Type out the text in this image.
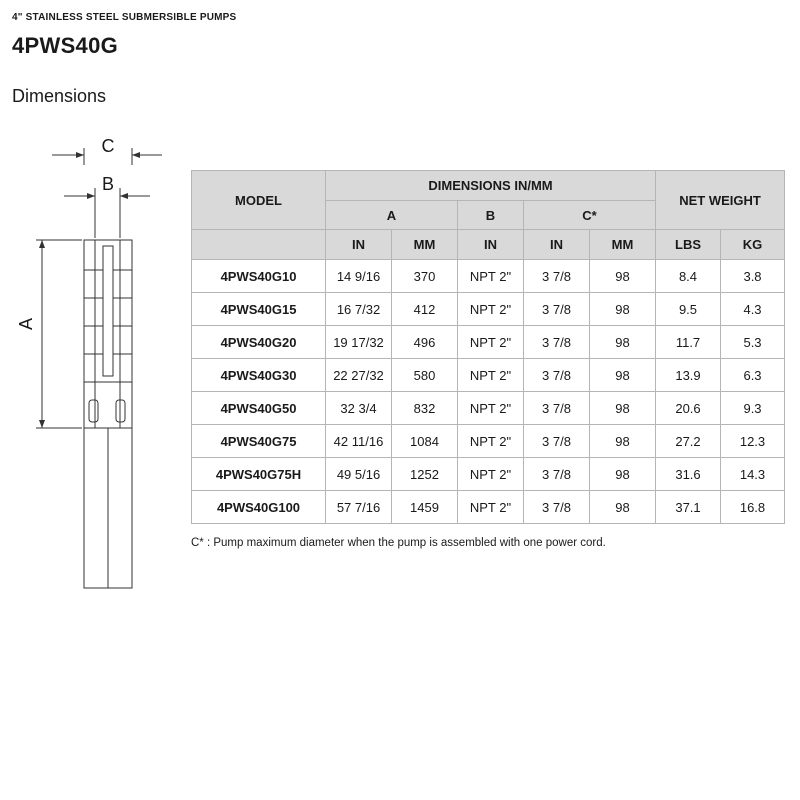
4" STAINLESS STEEL SUBMERSIBLE PUMPS
4PWS40G
Dimensions
C
B
A
MODEL	DIMENSIONS IN/MM					NET WEIGHT	
	A		B	C*			
	IN	MM	IN	IN	MM	LBS	KG
4PWS40G10	14 9/16	370	NPT 2"	3 7/8	98	8.4	3.8
4PWS40G15	16 7/32	412	NPT 2"	3 7/8	98	9.5	4.3
4PWS40G20	19 17/32	496	NPT 2"	3 7/8	98	11.7	5.3
4PWS40G30	22 27/32	580	NPT 2"	3 7/8	98	13.9	6.3
4PWS40G50	32 3/4	832	NPT 2"	3 7/8	98	20.6	9.3
4PWS40G75	42 11/16	1084	NPT 2"	3 7/8	98	27.2	12.3
4PWS40G75H	49 5/16	1252	NPT 2"	3 7/8	98	31.6	14.3
4PWS40G100	57 7/16	1459	NPT 2"	3 7/8	98	37.1	16.8
C* : Pump maximum diameter when the pump is assembled with one power cord.
